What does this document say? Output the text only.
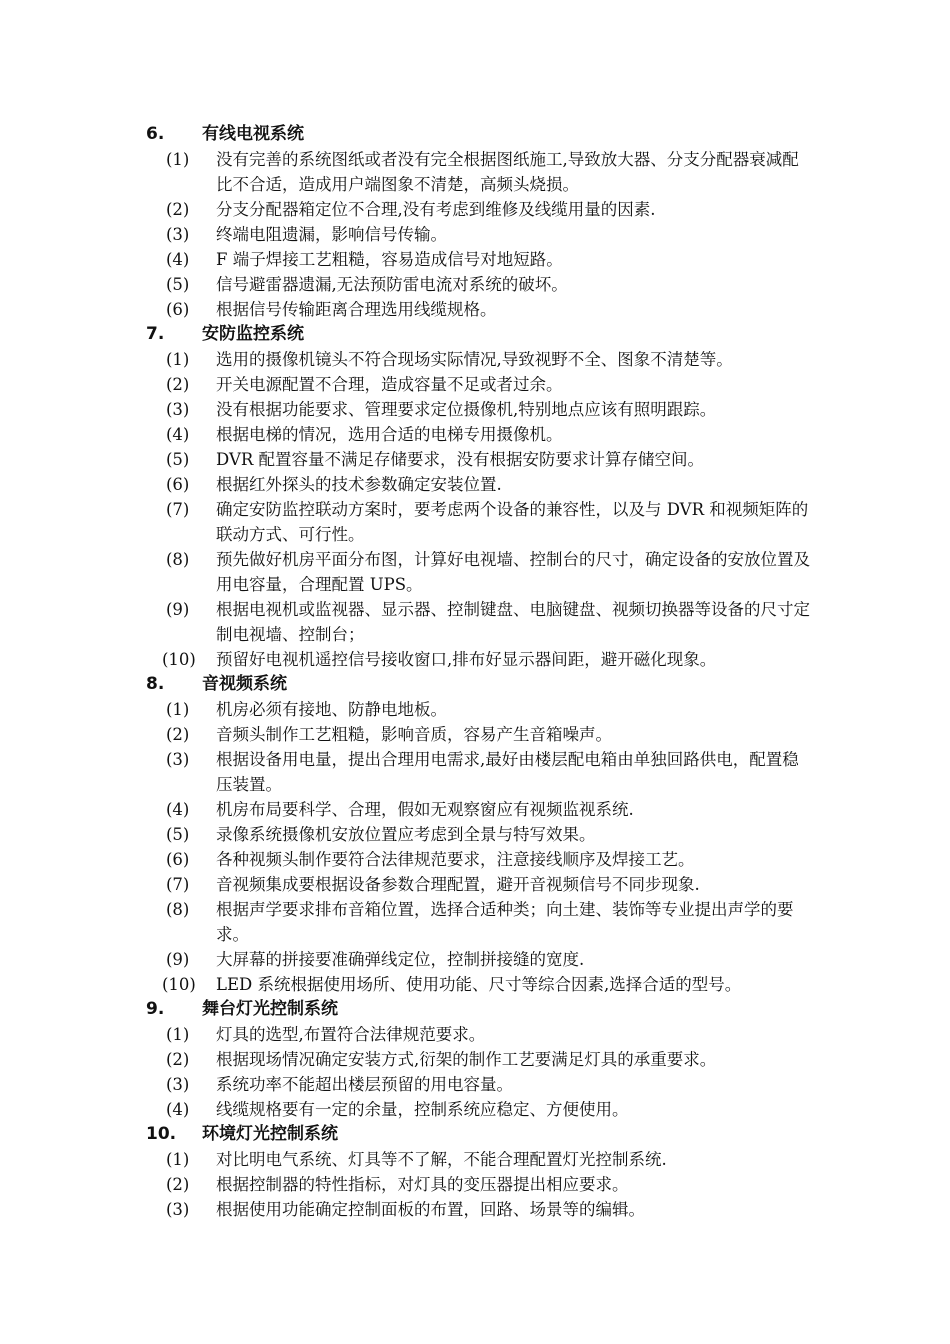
6. 有线电视系统
(1)	没有完善的系统图纸或者没有完全根据图纸施工,导致放大器、分支分配器衰减配比不合适，造成用户端图象不清楚，高频头烧损。
(2)	分支分配器箱定位不合理,没有考虑到维修及线缆用量的因素.
(3)	终端电阻遗漏，影响信号传输。
(4)	F 端子焊接工艺粗糙，容易造成信号对地短路。
(5)	信号避雷器遗漏,无法预防雷电流对系统的破坏。
(6)	根据信号传输距离合理选用线缆规格。
7. 安防监控系统
(1)	选用的摄像机镜头不符合现场实际情况,导致视野不全、图象不清楚等。
(2)	开关电源配置不合理，造成容量不足或者过余。
(3)	没有根据功能要求、管理要求定位摄像机,特别地点应该有照明跟踪。
(4)	根据电梯的情况，选用合适的电梯专用摄像机。
(5)	DVR 配置容量不满足存储要求，没有根据安防要求计算存储空间。
(6)	根据红外探头的技术参数确定安装位置.
(7)	确定安防监控联动方案时，要考虑两个设备的兼容性，以及与 DVR 和视频矩阵的联动方式、可行性。
(8)	预先做好机房平面分布图，计算好电视墙、控制台的尺寸，确定设备的安放位置及用电容量，合理配置 UPS。
(9)	根据电视机或监视器、显示器、控制键盘、电脑键盘、视频切换器等设备的尺寸定制电视墙、控制台；
(10)	预留好电视机遥控信号接收窗口,排布好显示器间距，避开磁化现象。
8. 音视频系统
(1)	机房必须有接地、防静电地板。
(2)	音频头制作工艺粗糙，影响音质，容易产生音箱噪声。
(3)	根据设备用电量，提出合理用电需求,最好由楼层配电箱由单独回路供电，配置稳压装置。
(4)	机房布局要科学、合理，假如无观察窗应有视频监视系统.
(5)	录像系统摄像机安放位置应考虑到全景与特写效果。
(6)	各种视频头制作要符合法律规范要求，注意接线顺序及焊接工艺。
(7)	音视频集成要根据设备参数合理配置，避开音视频信号不同步现象.
(8)	根据声学要求排布音箱位置，选择合适种类；向土建、装饰等专业提出声学的要求。
(9)	大屏幕的拼接要准确弹线定位，控制拼接缝的宽度.
(10)	LED 系统根据使用场所、使用功能、尺寸等综合因素,选择合适的型号。
9. 舞台灯光控制系统
(1)	灯具的选型,布置符合法律规范要求。
(2)	根据现场情况确定安装方式,衍架的制作工艺要满足灯具的承重要求。
(3)	系统功率不能超出楼层预留的用电容量。
(4)	线缆规格要有一定的余量，控制系统应稳定、方便使用。
10. 环境灯光控制系统
(1)	对比明电气系统、灯具等不了解，不能合理配置灯光控制系统.
(2)	根据控制器的特性指标，对灯具的变压器提出相应要求。
(3)	根据使用功能确定控制面板的布置，回路、场景等的编辑。
